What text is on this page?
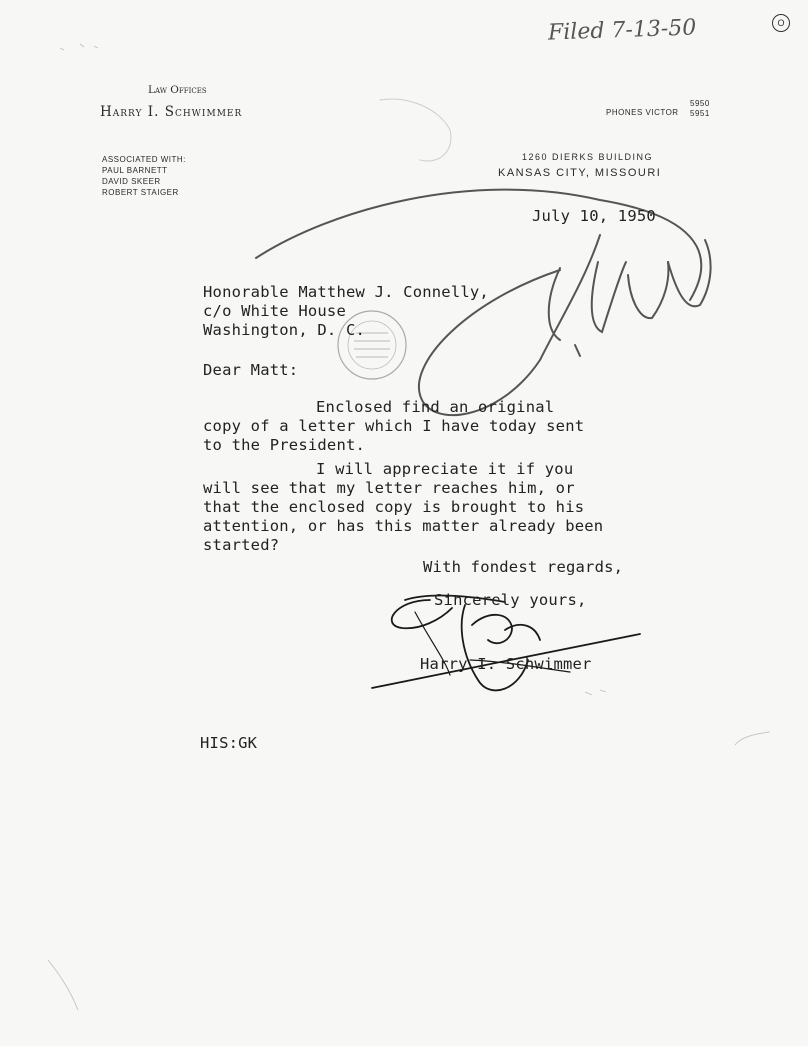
Filed 7-13-50	O
Law Offices
Harry I. Schwimmer	PHONES VICTOR
5950
5951
ASSOCIATED WITH:
PAUL BARNETT
DAVID SKEER
ROBERT STAIGER
1260 DIERKS BUILDING
KANSAS CITY, MISSOURI
July 10, 1950
Honorable Matthew J. Connelly,
c/o White House
Washington, D. C.
Dear Matt:
Enclosed find an original
copy of a letter which I have today sent
to the President.
I will appreciate it if you
will see that my letter reaches him, or
that the enclosed copy is brought to his
attention, or has this matter already been
started?
With fondest regards,
Sincerely yours,
Harry I. Schwimmer
HIS:GK
